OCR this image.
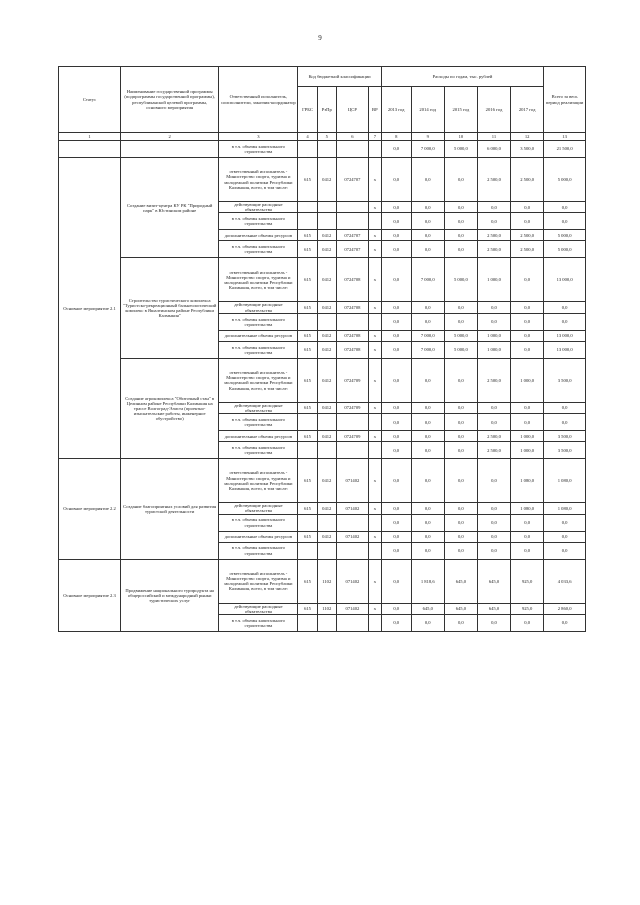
9
Статус	Наименование государственной программы (подпрограммы государственной программы), республиканской целевой программы, основного мероприятия	Ответственный исполнитель, соисполнители, заказчик-координатор	Код бюджетной классификации				Расходы по годам, тыс. рублей					Всего за весь период реализации
			ГРБС	РзПр	ЦСР	ВР	2013 год	2014 год	2015 год	2016 год	2017 год	
1	2	3	4	5	6	7	8	9	10	11	12	13
		в т.ч. объемы капитального строительства					0,0	7 000,0	5 000,0	6 000,0	3 500,0	21 500,0
Основное мероприятие 2.1	Создание визит-центра КУ РК "Природный парк" в Юстинском районе	ответственный исполнитель - Министерство спорта, туризма и молодежной политики Республики Калмыкия, всего, в том числе:	615	0412	0724707	x	0,0	0,0	0,0	2 500,0	2 500,0	5 000,0
		действующие расходные обязательства				x	0,0	0,0	0,0	0,0	0,0	0,0
		в т.ч. объемы капитального строительства					0,0	0,0	0,0	0,0	0,0	0,0
		дополнительные объемы ресурсов	615	0412	0724707	x	0,0	0,0	0,0	2 500,0	2 500,0	5 000,0
		в т.ч. объемы капитального строительства	615	0412	0724707	x	0,0	0,0	0,0	2 500,0	2 500,0	5 000,0
	Строительство туристического комплекса "Туристско-рекреационный бальнеологический комплекс в Яшалтинском районе Республики Калмыкия"	ответственный исполнитель - Министерство спорта, туризма и молодежной политики Республики Калмыкия, всего, в том числе:	615	0412	0724708	x	0,0	7 000,0	5 000,0	1 000,0	0,0	13 000,0
		действующие расходные обязательства	615	0412	0724708	x	0,0	0,0	0,0	0,0	0,0	0,0
		в т.ч. объемы капитального строительства					0,0	0,0	0,0	0,0	0,0	0,0
		дополнительные объемы ресурсов	615	0412	0724708	x	0,0	7 000,0	5 000,0	1 000,0	0,0	13 000,0
		в т.ч. объемы капитального строительства	615	0412	0724708	x	0,0	7 000,0	5 000,0	1 000,0	0,0	13 000,0
	Создание агрокомплекса "Обиточный стан" в Целинном районе Республики Калмыкия на трассе Волгоград-Элиста (проектно-изыскательские работы, инженерное обустройство)	ответственный исполнитель - Министерство спорта, туризма и молодежной политики Республики Калмыкия, всего, в том числе:	615	0412	0724709	x	0,0	0,0	0,0	2 500,0	1 000,0	3 500,0
		действующие расходные обязательства	615	0412	0724709	x	0,0	0,0	0,0	0,0	0,0	0,0
		в т.ч. объемы капитального строительства					0,0	0,0	0,0	0,0	0,0	0,0
		дополнительные объемы ресурсов	615	0412	0724709	x	0,0	0,0	0,0	2 500,0	1 000,0	3 500,0
		в т.ч. объемы капитального строительства					0,0	0,0	0,0	2 500,0	1 000,0	3 500,0
Основное мероприятие 2.2	Создание благоприятных условий для развития туристской деятельности	ответственный исполнитель - Министерство спорта, туризма и молодежной политики Республики Калмыкия, всего, в том числе:	615	0412	071402	x	0,0	0,0	0,0	0,0	1 080,0	1 080,0
		действующие расходные обязательства	615	0412	071402	x	0,0	0,0	0,0	0,0	1 080,0	1 080,0
		в т.ч. объемы капитального строительства					0,0	0,0	0,0	0,0	0,0	0,0
		дополнительные объемы ресурсов	615	0412	071402	x	0,0	0,0	0,0	0,0	0,0	0,0
		в т.ч. объемы капитального строительства					0,0	0,0	0,0	0,0	0,0	0,0
Основное мероприятие 2.3	Продвижение национального турпродукта на общероссийский и международный рынки туристических услуг	ответственный исполнитель - Министерство спорта, туризма и молодежной политики Республики Калмыкия, всего, в том числе:	615	1102	071402	x	0,0	1 818,6	645,0	645,0	925,0	4 033,6
		действующие расходные обязательства	615	1102	071402	x	0,0	645,0	645,0	645,0	925,0	2 860,0
		в т.ч. объемы капитального строительства					0,0	0,0	0,0	0,0	0,0	0,0
